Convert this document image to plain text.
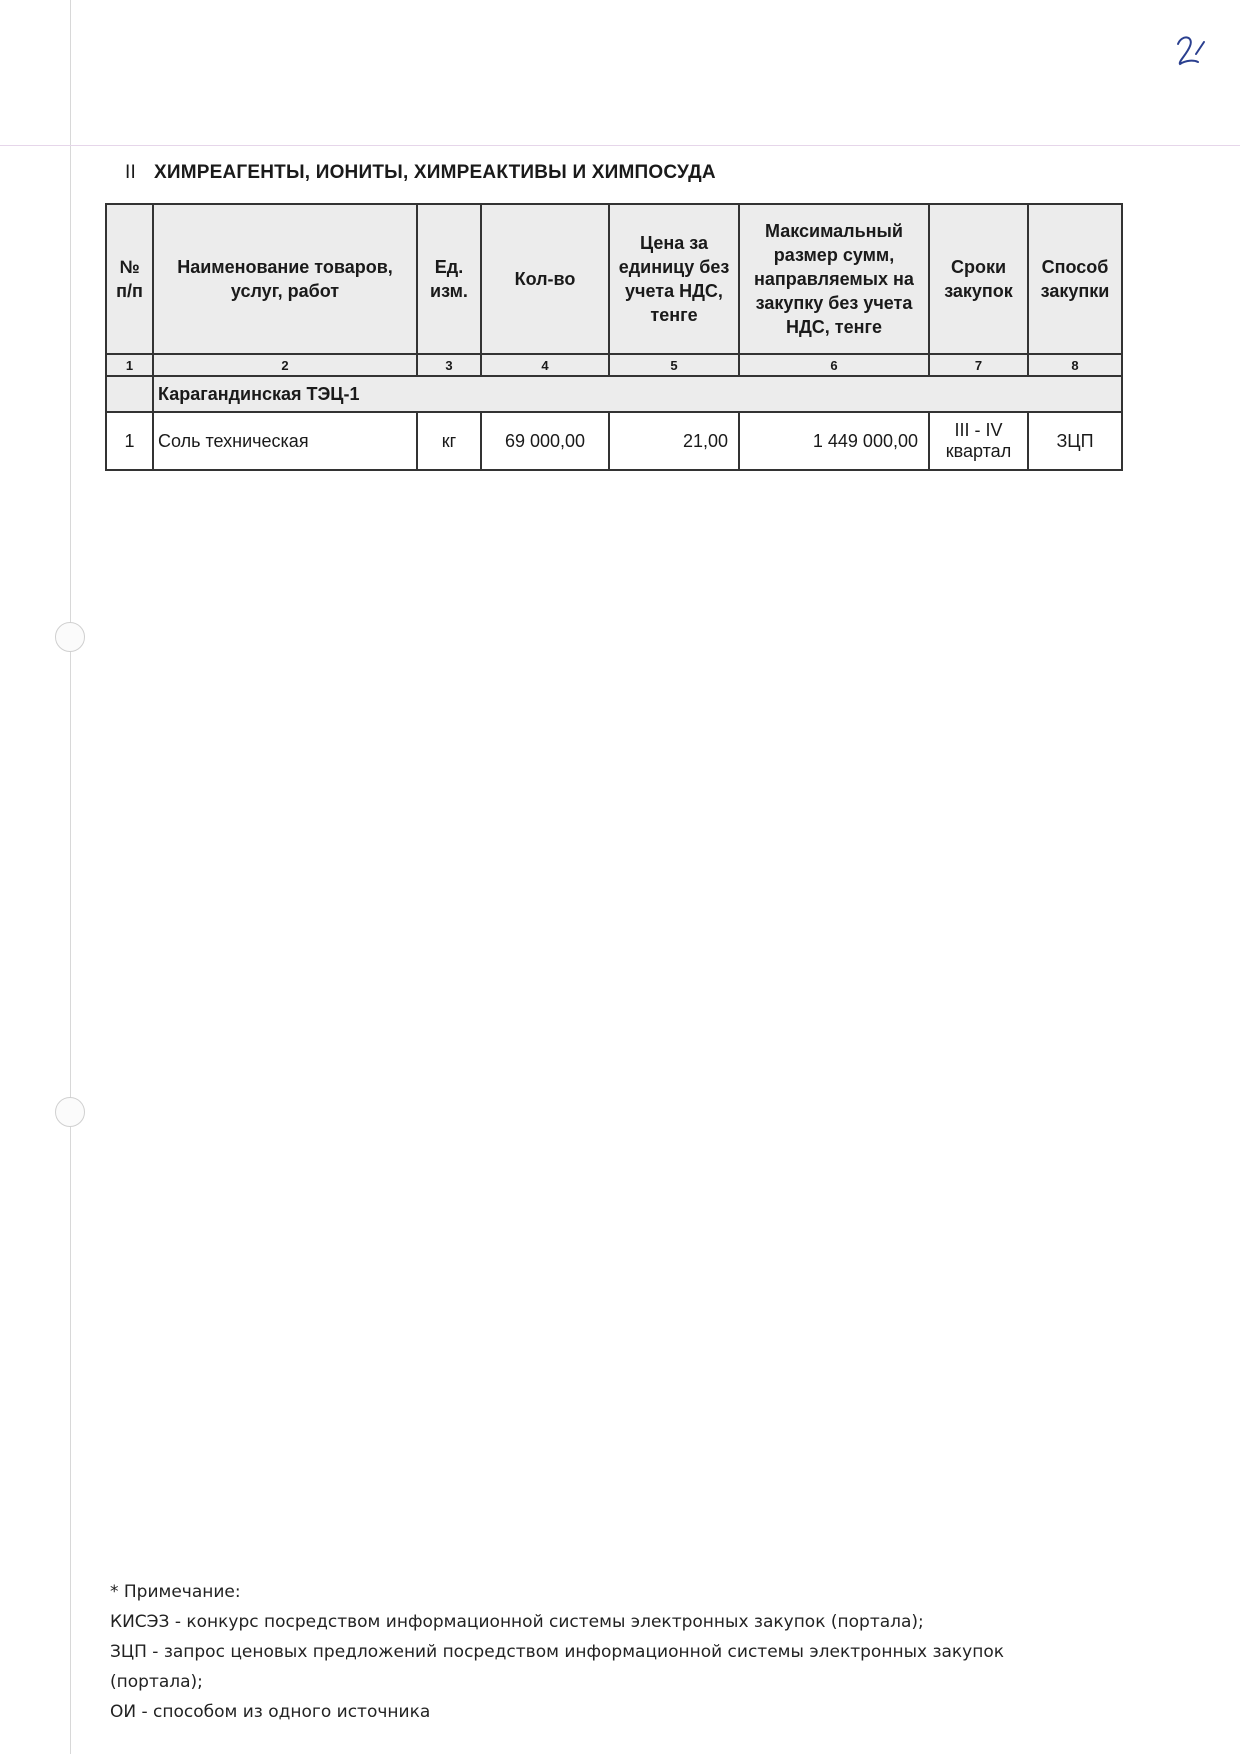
II ХИМРЕАГЕНТЫ, ИОНИТЫ, ХИМРЕАКТИВЫ И ХИМПОСУДА
№ п/п	Наименование товаров, услуг, работ	Ед. изм.	Кол-во	Цена за единицу без учета НДС, тенге	Максимальный размер сумм, направляемых на закупку без учета НДС, тенге	Сроки закупок	Способ закупки
1	2	3	4	5	6	7	8
	Карагандинская ТЭЦ-1						
1	Соль техническая	кг	69 000,00	21,00	1 449 000,00	III - IV квартал	ЗЦП

* Примечание:

КИСЭЗ - конкурс посредством информационной системы электронных закупок (портала);

ЗЦП - запрос ценовых предложений посредством информационной системы электронных закупок (портала);

ОИ - способом из одного источника
